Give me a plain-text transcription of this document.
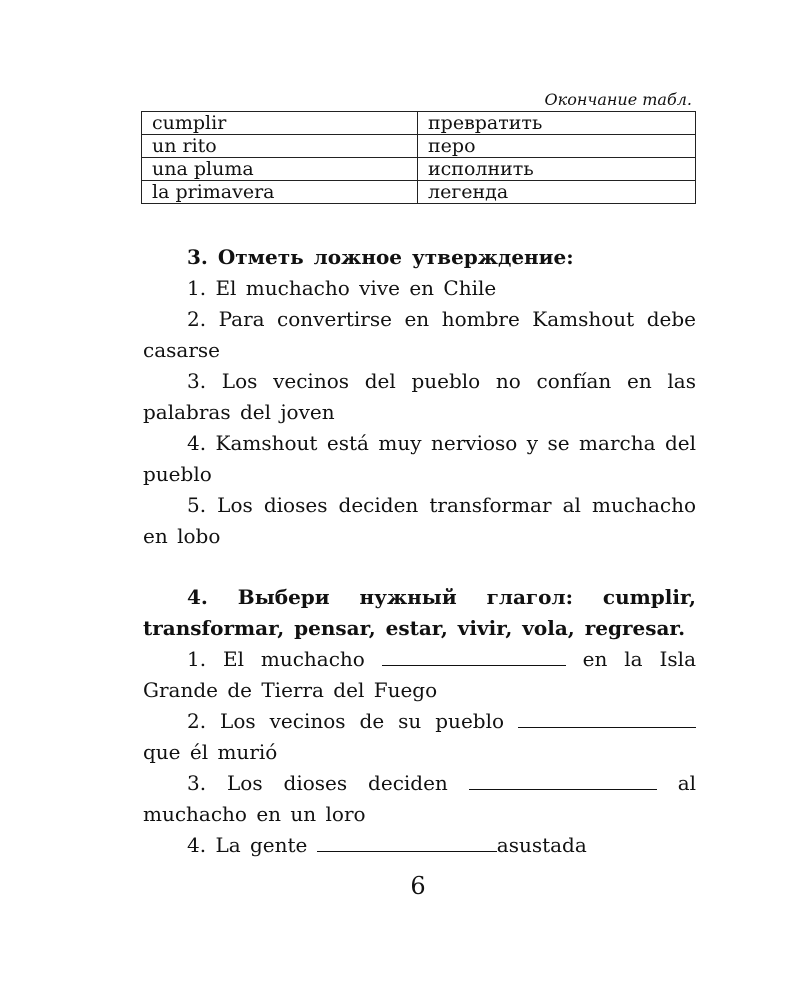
Окончание табл.
cumplir	превратить
un rito	перо
una pluma	исполнить
la primavera	легенда

3. Отметь ложное утверждение:

1. El muchacho vive en Chile

2. Para convertirse en hombre Kamshout debe casarse

3. Los vecinos del pueblo no confían en las palabras del joven

4. Kamshout está muy nervioso y se marcha del pueblo

5. Los dioses deciden transformar al muchacho en lobo

4. Выбери нужный глагол: cumplir, transformar, pensar, estar, vivir, vola, regresar.

1. El muchacho	en la Isla Grande de Tierra del Fuego

2. Los vecinos de su pueblo  que él murió

3. Los dioses deciden	al muchacho en un loro

4. La gente	asustada

6
